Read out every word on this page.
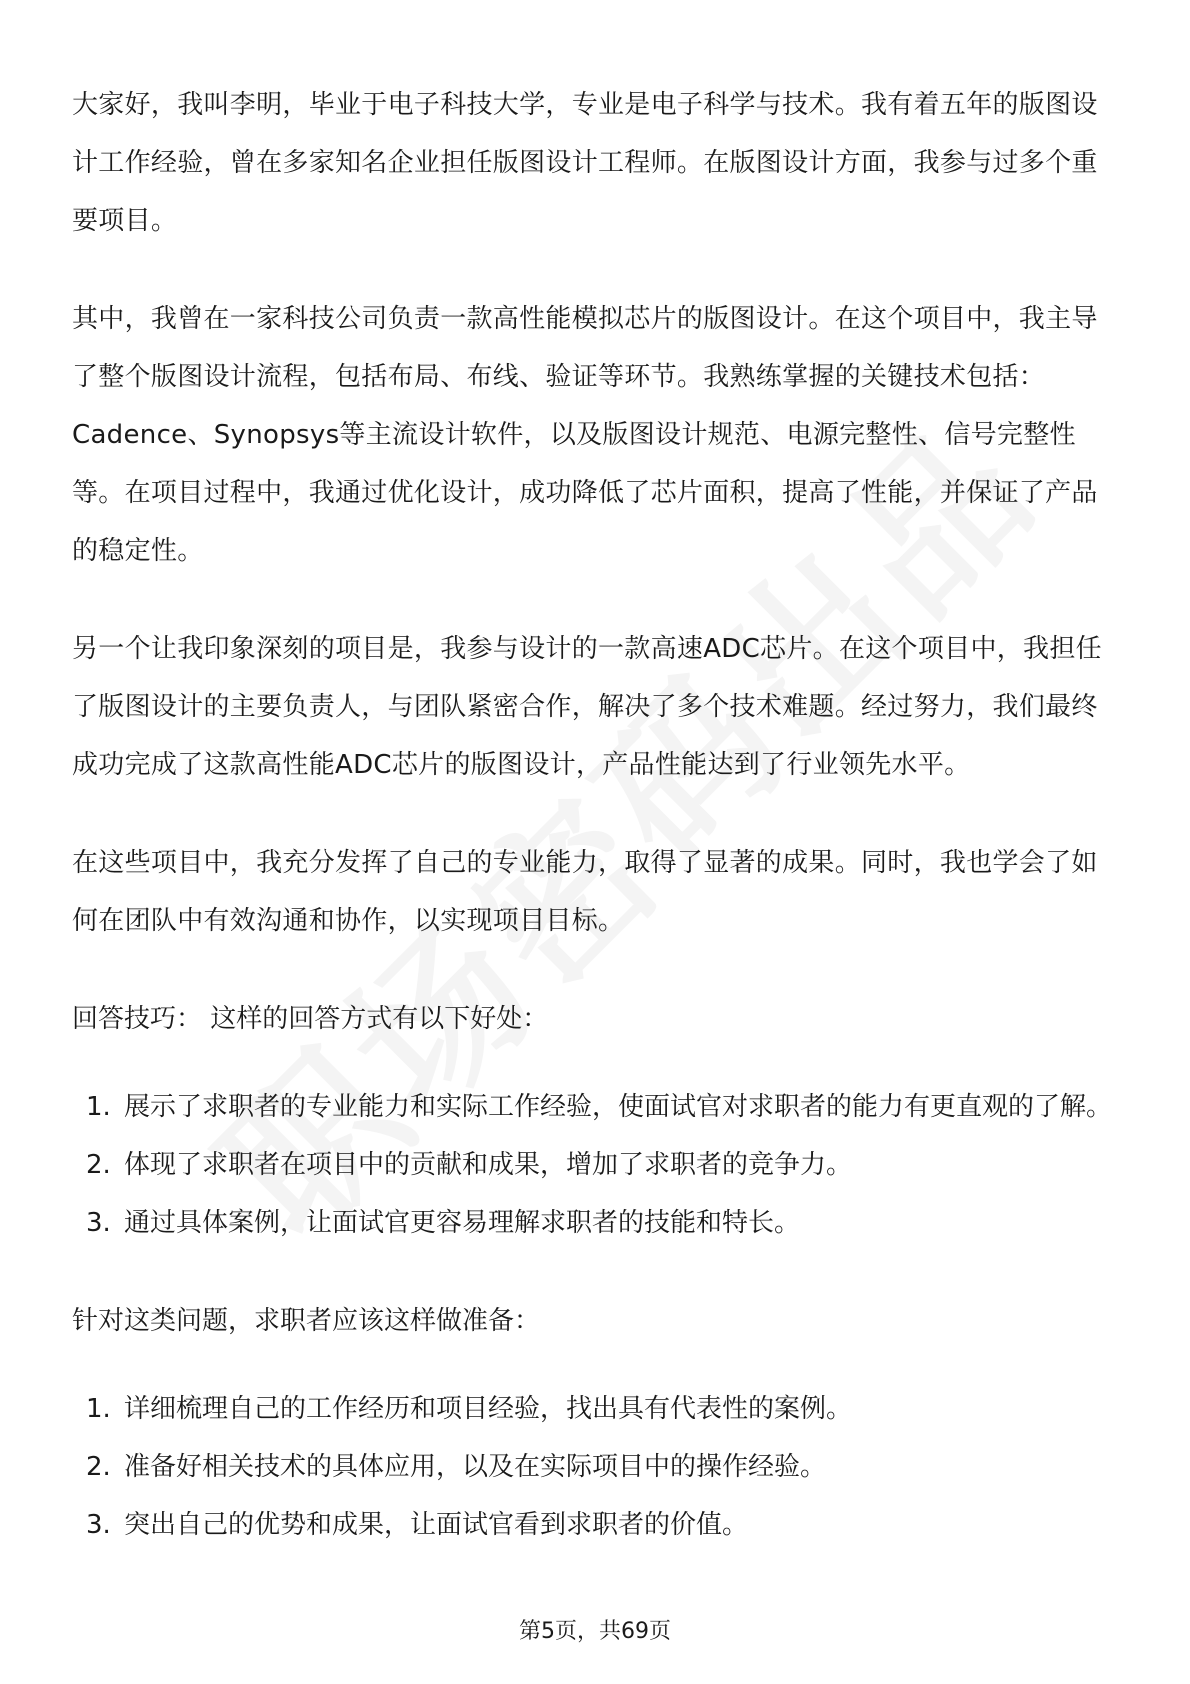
大家好，我叫李明，毕业于电子科技大学，专业是电子科学与技术。我有着五年的版图设计工作经验，曾在多家知名企业担任版图设计工程师。在版图设计方面，我参与过多个重要项目。

其中，我曾在一家科技公司负责一款高性能模拟芯片的版图设计。在这个项目中，我主导了整个版图设计流程，包括布局、布线、验证等环节。我熟练掌握的关键技术包括：Cadence、Synopsys等主流设计软件，以及版图设计规范、电源完整性、信号完整性等。在项目过程中，我通过优化设计，成功降低了芯片面积，提高了性能，并保证了产品的稳定性。

另一个让我印象深刻的项目是，我参与设计的一款高速ADC芯片。在这个项目中，我担任了版图设计的主要负责人，与团队紧密合作，解决了多个技术难题。经过努力，我们最终成功完成了这款高性能ADC芯片的版图设计，产品性能达到了行业领先水平。

在这些项目中，我充分发挥了自己的专业能力，取得了显著的成果。同时，我也学会了如何在团队中有效沟通和协作，以实现项目目标。

回答技巧： 这样的回答方式有以下好处：

1. 展示了求职者的专业能力和实际工作经验，使面试官对求职者的能力有更直观的了解。
2. 体现了求职者在项目中的贡献和成果，增加了求职者的竞争力。
3. 通过具体案例，让面试官更容易理解求职者的技能和特长。

针对这类问题，求职者应该这样做准备：

1. 详细梳理自己的工作经历和项目经验，找出具有代表性的案例。
2. 准备好相关技术的具体应用，以及在实际项目中的操作经验。
3. 突出自己的优势和成果，让面试官看到求职者的价值。
第5页，共69页
